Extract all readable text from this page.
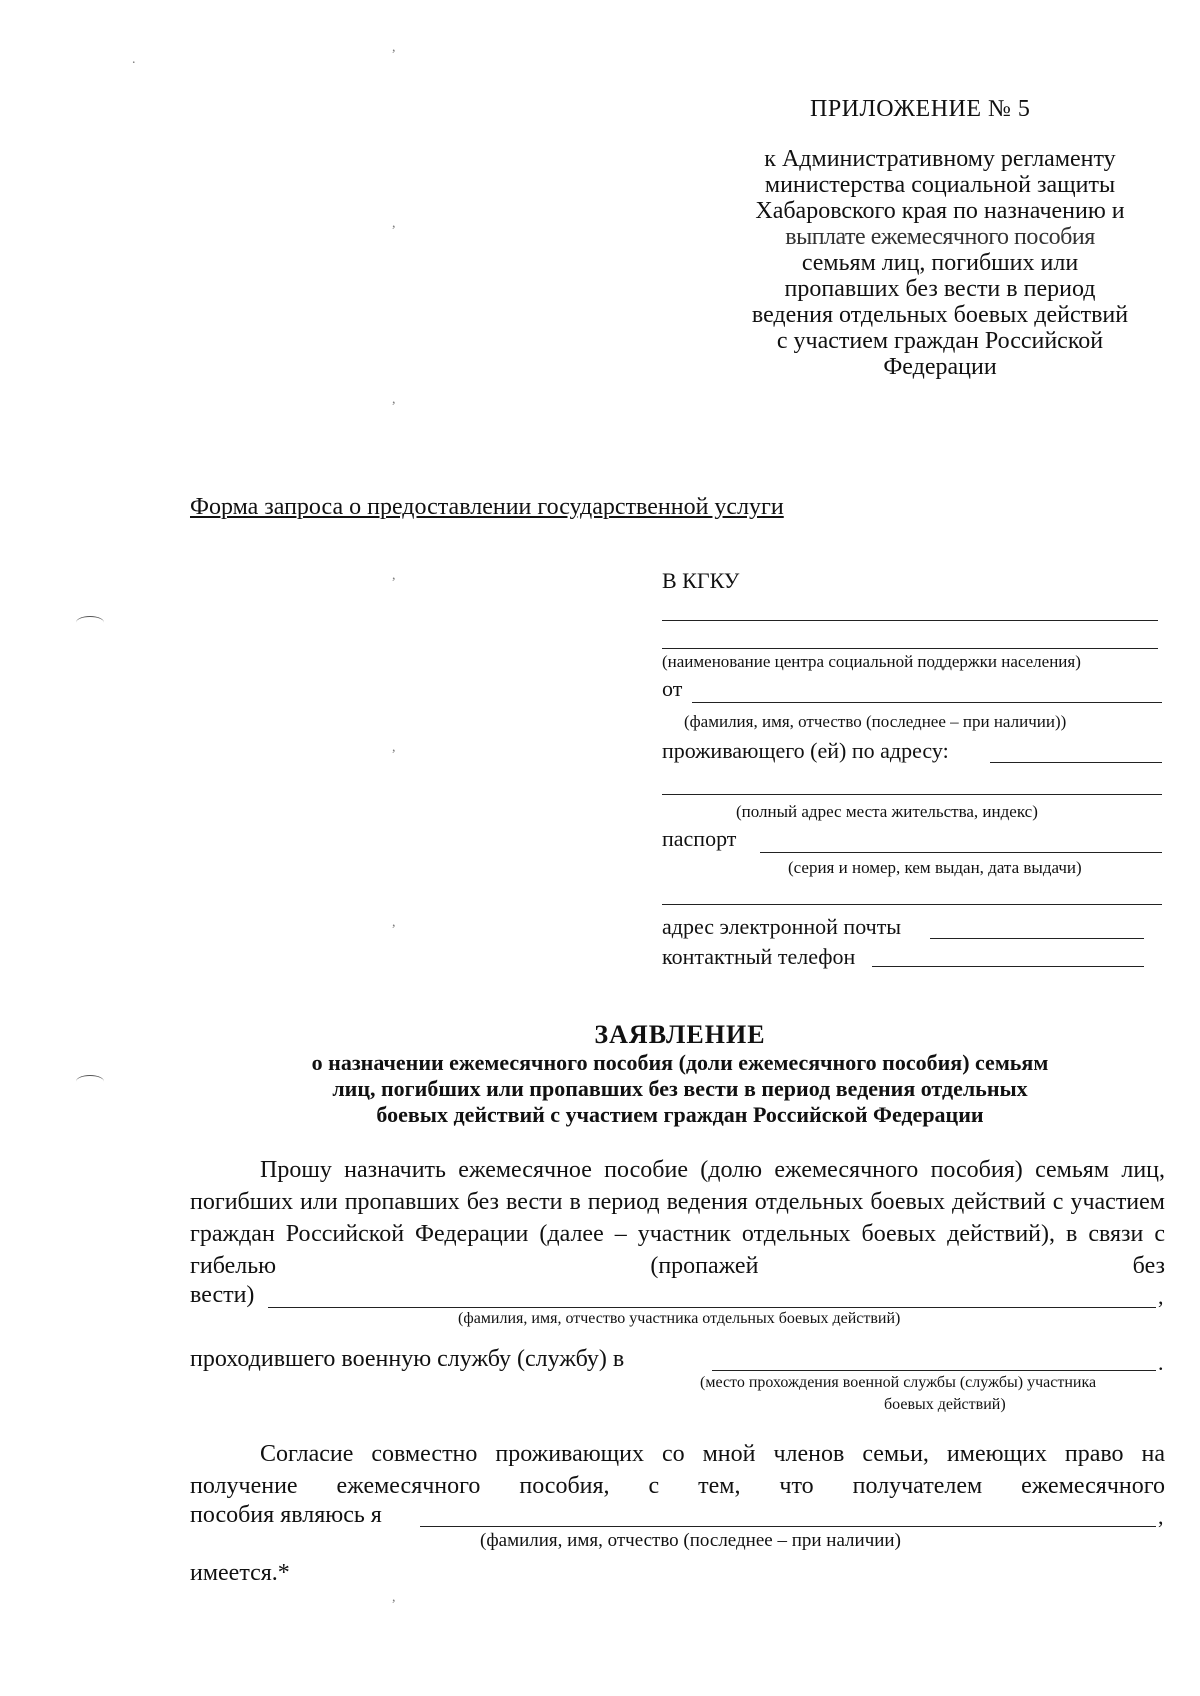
.
,
,
,
,
,
,
,
ПРИЛОЖЕНИЕ № 5
к Административному регламенту
министерства социальной защиты
Хабаровского края по назначению и
выплате ежемесячного пособия
семьям лиц, погибших или
пропавших без вести в период
ведения отдельных боевых действий
с участием граждан Российской
Федерации
Форма запроса о предоставлении государственной услуги
В КГКУ
(наименование центра социальной поддержки населения)
от
(фамилия, имя, отчество (последнее – при наличии))
проживающего (ей) по адресу:
(полный адрес места жительства, индекс)
паспорт
(серия и номер, кем выдан, дата выдачи)
адрес электронной почты
контактный телефон
ЗАЯВЛЕНИЕ
о назначении ежемесячного пособия (доли ежемесячного пособия) семьям
лиц, погибших или пропавших без вести в период ведения отдельных
боевых действий с участием граждан Российской Федерации
Прошу назначить ежемесячное пособие (долю ежемесячного пособия) семьям лиц, погибших или пропавших без вести в период ведения отдельных боевых действий с участием граждан Российской Федерации (далее – участник отдельных боевых действий), в связи с гибелью (пропажей без
вести)	,
(фамилия, имя, отчество участника отдельных боевых действий)
проходившего военную службу (службу) в	.
(место прохождения военной службы (службы) участника
боевых действий)
Согласие совместно проживающих со мной членов семьи, имеющих право на получение ежемесячного пособия, с тем, что получателем ежемесячного
пособия являюсь я	,
(фамилия, имя, отчество (последнее – при наличии)
имеется.*
